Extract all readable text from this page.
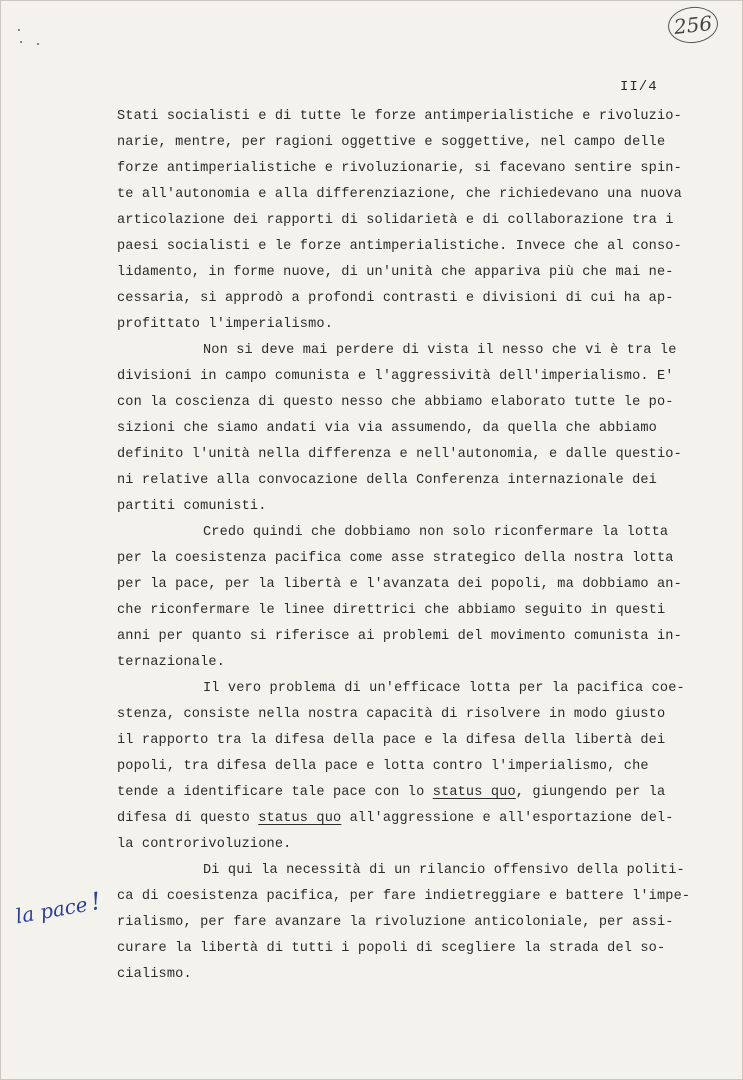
256
II/4
Stati socialisti e di tutte le forze antimperialistiche e rivoluzio-
narie, mentre, per ragioni oggettive e soggettive, nel campo delle
forze antimperialistiche e rivoluzionarie, si facevano sentire spin-
te all'autonomia e alla differenziazione, che richiedevano una nuova
articolazione dei rapporti di solidarietà e di collaborazione tra i
paesi socialisti e le forze antimperialistiche. Invece che al conso-
lidamento, in forme nuove, di un'unità che appariva più che mai ne-
cessaria, si approdò a profondi contrasti e divisioni di cui ha ap-
profittato l'imperialismo.
Non si deve mai perdere di vista il nesso che vi è tra le
divisioni in campo comunista e l'aggressività dell'imperialismo. E'
con la coscienza di questo nesso che abbiamo elaborato tutte le po-
sizioni che siamo andati via via assumendo, da quella che abbiamo
definito l'unità nella differenza e nell'autonomia, e dalle questio-
ni relative alla convocazione della Conferenza internazionale dei
partiti comunisti.
Credo quindi che dobbiamo non solo riconfermare la lotta
per la coesistenza pacifica come asse strategico della nostra lotta
per la pace, per la libertà e l'avanzata dei popoli, ma dobbiamo an-
che riconfermare le linee direttrici che abbiamo seguito in questi
anni per quanto si riferisce ai problemi del movimento comunista in-
ternazionale.
Il vero problema di un'efficace lotta per la pacifica coe-
stenza, consiste nella nostra capacità di risolvere in modo giusto
il rapporto tra la difesa della pace e la difesa della libertà dei
popoli, tra difesa della pace e lotta contro l'imperialismo, che
tende a identificare tale pace con lo status quo, giungendo per la
difesa di questo status quo all'aggressione e all'esportazione del-
la controrivoluzione.
Di qui la necessità di un rilancio offensivo della politi-
ca di coesistenza pacifica, per fare indietreggiare e battere l'impe-
rialismo, per fare avanzare la rivoluzione anticoloniale, per assi-
curare la libertà di tutti i popoli di scegliere la strada del so-
cialismo.
la pace!
